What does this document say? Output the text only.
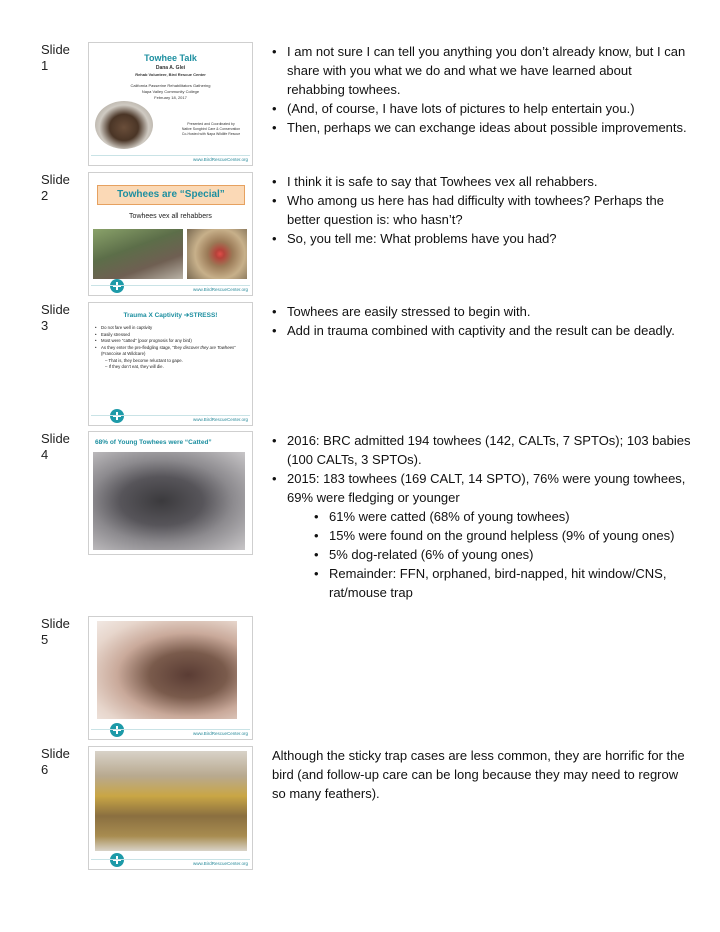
Slide
1	Towhee Talk
Dana A. Glei
Rehab Volunteer, Bird Rescue Center
California Passerine Rehabilitators Gathering
Napa Valley Community College
February 18, 2017
Presented and Coordinated by
Native Songbird Care & Conservation
Co-Hosted with Napa Wildlife Rescue
www.BirdRescueCenter.org
• I am not sure I can tell you anything you don’t already know, but I can share with you what we do and what we have learned about rehabbing towhees.
• (And, of course, I have lots of pictures to help entertain you.)
• Then, perhaps we can exchange ideas about possible improvements.
Slide
2	Towhees are “Special”
Towhees vex all rehabbers
www.BirdRescueCenter.org
• I think it is safe to say that Towhees vex all rehabbers.
• Who among us here has had difficulty with towhees? Perhaps the better question is: who hasn’t?
• So, you tell me: What problems have you had?
Slide
3
Trauma X Captivity ➔STRESS!
• Do not fare well in captivity
• Easily stressed
• Most were “catted” (poor prognosis for any bird)
• As they enter the pre-fledgling stage, “they discover they are Towhees” (Francoise at Wildcare)
– That is, they become reluctant to gape.
– If they don’t eat, they will die.
www.BirdRescueCenter.org
• Towhees are easily stressed to begin with.
• Add in trauma combined with captivity and the result can be deadly.
Slide
4
68% of Young Towhees were “Catted”
•	2016: BRC admitted 194 towhees (142, CALTs, 7 SPTOs); 103 babies (100 CALTs, 3 SPTOs).
• 2015: 183 towhees (169 CALT, 14 SPTO), 76% were young towhees, 69% were fledging or younger
• 61% were catted (68% of young towhees)
• 15% were found on the ground helpless (9% of young ones)
• 5% dog-related (6% of young ones)
• Remainder: FFN, orphaned, bird-napped, hit window/CNS, rat/mouse trap
Slide
5
www.BirdRescueCenter.org
Slide
6
www.BirdRescueCenter.org

Although the sticky trap cases are less common, they are horrific for the bird (and follow-up care can be long because they may need to regrow so many feathers).
